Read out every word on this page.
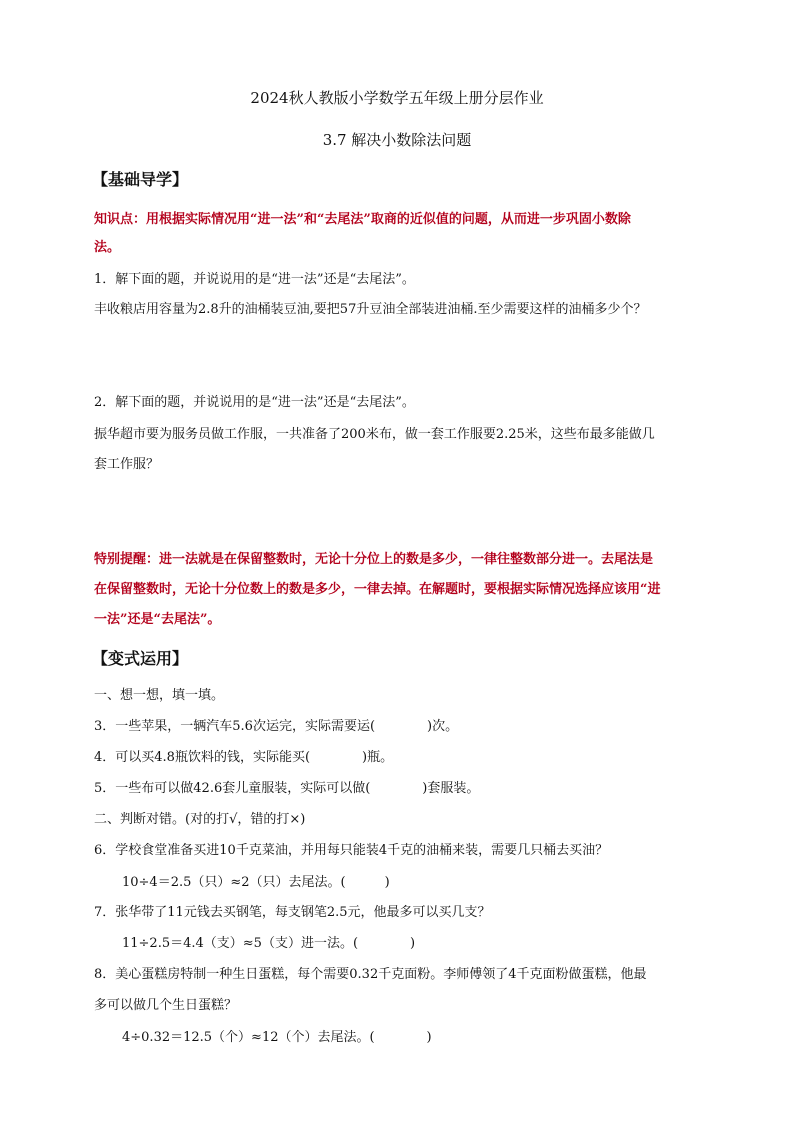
2024秋人教版小学数学五年级上册分层作业
3.7 解决小数除法问题
【基础导学】
知识点：用根据实际情况用“进一法”和“去尾法”取商的近似值的问题，从而进一步巩固小数除
法。
1．解下面的题，并说说用的是“进一法”还是“去尾法”。
丰收粮店用容量为2.8升的油桶装豆油,要把57升豆油全部装进油桶.至少需要这样的油桶多少个？
2．解下面的题，并说说用的是“进一法”还是“去尾法”。
振华超市要为服务员做工作服，一共准备了200米布，做一套工作服要2.25米，这些布最多能做几
套工作服？
特别提醒：进一法就是在保留整数时，无论十分位上的数是多少，一律往整数部分进一。去尾法是
在保留整数时，无论十分位数上的数是多少，一律去掉。在解题时，要根据实际情况选择应该用“进
一法”还是“去尾法”。
【变式运用】
一、想一想，填一填。
3．一些苹果，一辆汽车5.6次运完，实际需要运(　　　　)次。
4．可以买4.8瓶饮料的钱，实际能买(　　　　)瓶。
5．一些布可以做42.6套儿童服装，实际可以做(　　　　)套服装。
二、判断对错。(对的打√，错的打×)
6．学校食堂准备买进10千克菜油，并用每只能装4千克的油桶来装，需要几只桶去买油？
10÷4＝2.5（只）≈2（只）去尾法。(　　　)
7．张华带了11元钱去买钢笔，每支钢笔2.5元，他最多可以买几支？
11÷2.5＝4.4（支）≈5（支）进一法。(　　　　)
8．美心蛋糕房特制一种生日蛋糕，每个需要0.32千克面粉。李师傅领了4千克面粉做蛋糕，他最
多可以做几个生日蛋糕？
4÷0.32＝12.5（个）≈12（个）去尾法。(　　　　)
